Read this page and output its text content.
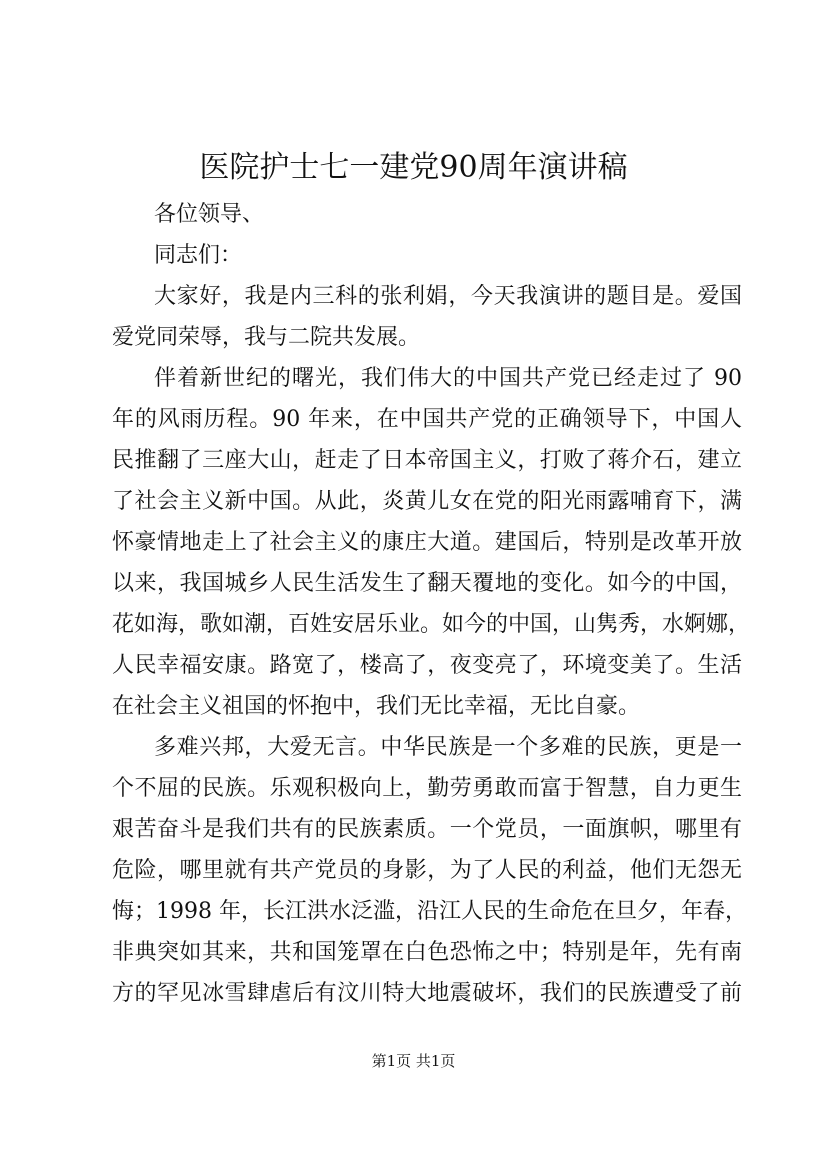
医院护士七一建党90周年演讲稿
各位领导、
同志们：
大家好，我是内三科的张利娟，今天我演讲的题目是。爱国
爱党同荣辱，我与二院共发展。
伴着新世纪的曙光，我们伟大的中国共产党已经走过了 90
年的风雨历程。90 年来，在中国共产党的正确领导下，中国人
民推翻了三座大山，赶走了日本帝国主义，打败了蒋介石，建立
了社会主义新中国。从此，炎黄儿女在党的阳光雨露哺育下，满
怀豪情地走上了社会主义的康庄大道。建国后，特别是改革开放
以来，我国城乡人民生活发生了翻天覆地的变化。如今的中国，
花如海，歌如潮，百姓安居乐业。如今的中国，山隽秀，水婀娜，
人民幸福安康。路宽了，楼高了，夜变亮了，环境变美了。生活
在社会主义祖国的怀抱中，我们无比幸福，无比自豪。
多难兴邦，大爱无言。中华民族是一个多难的民族，更是一
个不屈的民族。乐观积极向上，勤劳勇敢而富于智慧，自力更生
艰苦奋斗是我们共有的民族素质。一个党员，一面旗帜，哪里有
危险，哪里就有共产党员的身影，为了人民的利益，他们无怨无
悔；1998 年，长江洪水泛滥，沿江人民的生命危在旦夕，年春，
非典突如其来，共和国笼罩在白色恐怖之中；特别是年，先有南
方的罕见冰雪肆虐后有汶川特大地震破坏，我们的民族遭受了前
第1页 共1页
